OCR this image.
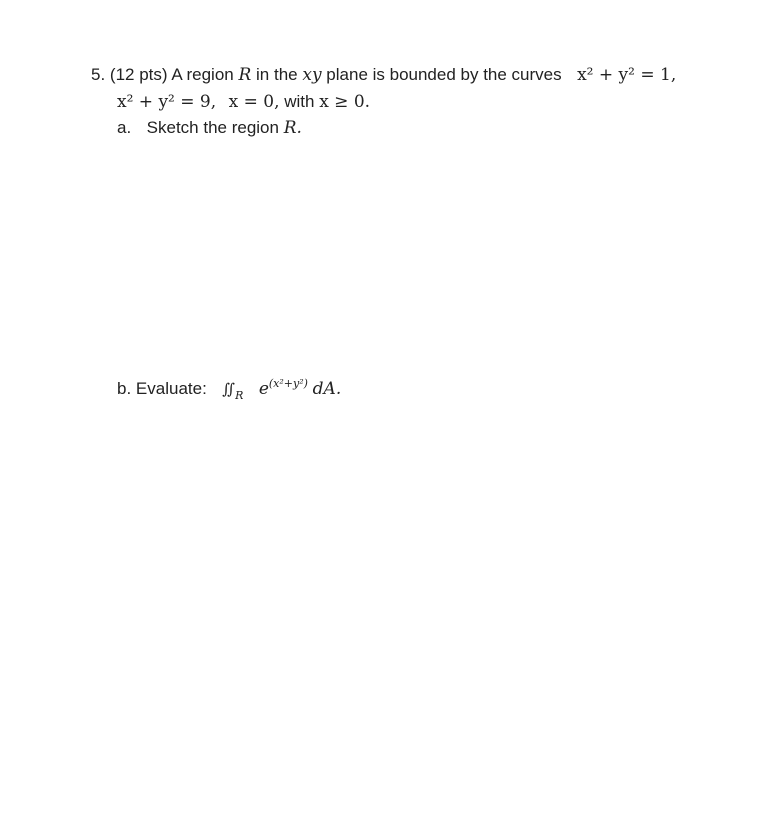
5. (12 pts) A region R in the xy plane is bounded by the curves x² + y² = 1,
x² + y² = 9, x = 0, with x ≥ 0.
a. Sketch the region R.
b. Evaluate: $∬_R$ $e^{(x^2+y^2)}$ dA.
